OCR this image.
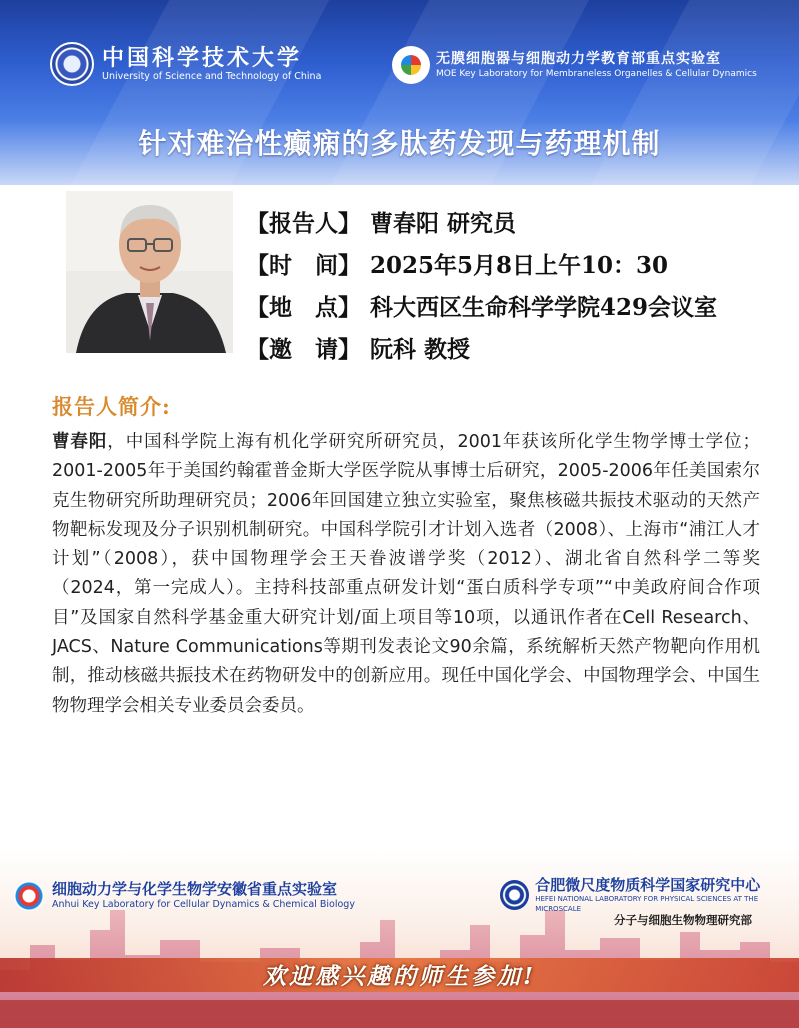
中国科学技术大学
University of Science and Technology of China
无膜细胞器与细胞动力学教育部重点实验室
MOE Key Laboratory for Membraneless Organelles & Cellular Dynamics
针对难治性癫痫的多肽药发现与药理机制
【报告人】 曹春阳 研究员
【时　间】 2025年5月8日上午10：30
【地　点】 科大西区生命科学学院429会议室
【邀　请】 阮科 教授
报告人简介:
曹春阳，中国科学院上海有机化学研究所研究员，2001年获该所化学生物学博士学位；2001-2005年于美国约翰霍普金斯大学医学院从事博士后研究，2005-2006年任美国索尔克生物研究所助理研究员；2006年回国建立独立实验室，聚焦核磁共振技术驱动的天然产物靶标发现及分子识别机制研究。中国科学院引才计划入选者（2008）、上海市“浦江人才计划”（2008），获中国物理学会王天眷波谱学奖（2012）、湖北省自然科学二等奖（2024，第一完成人）。主持科技部重点研发计划“蛋白质科学专项”“中美政府间合作项目”及国家自然科学基金重大研究计划/面上项目等10项，以通讯作者在Cell Research、JACS、Nature Communications等期刊发表论文90余篇，系统解析天然产物靶向作用机制，推动核磁共振技术在药物研发中的创新应用。现任中国化学会、中国物理学会、中国生物物理学会相关专业委员会委员。
细胞动力学与化学生物学安徽省重点实验室
Anhui Key Laboratory for Cellular Dynamics & Chemical Biology
合肥微尺度物质科学国家研究中心
HEFEI NATIONAL LABORATORY FOR PHYSICAL SCIENCES AT THE MICROSCALE
分子与细胞生物物理研究部
欢迎感兴趣的师生参加!
